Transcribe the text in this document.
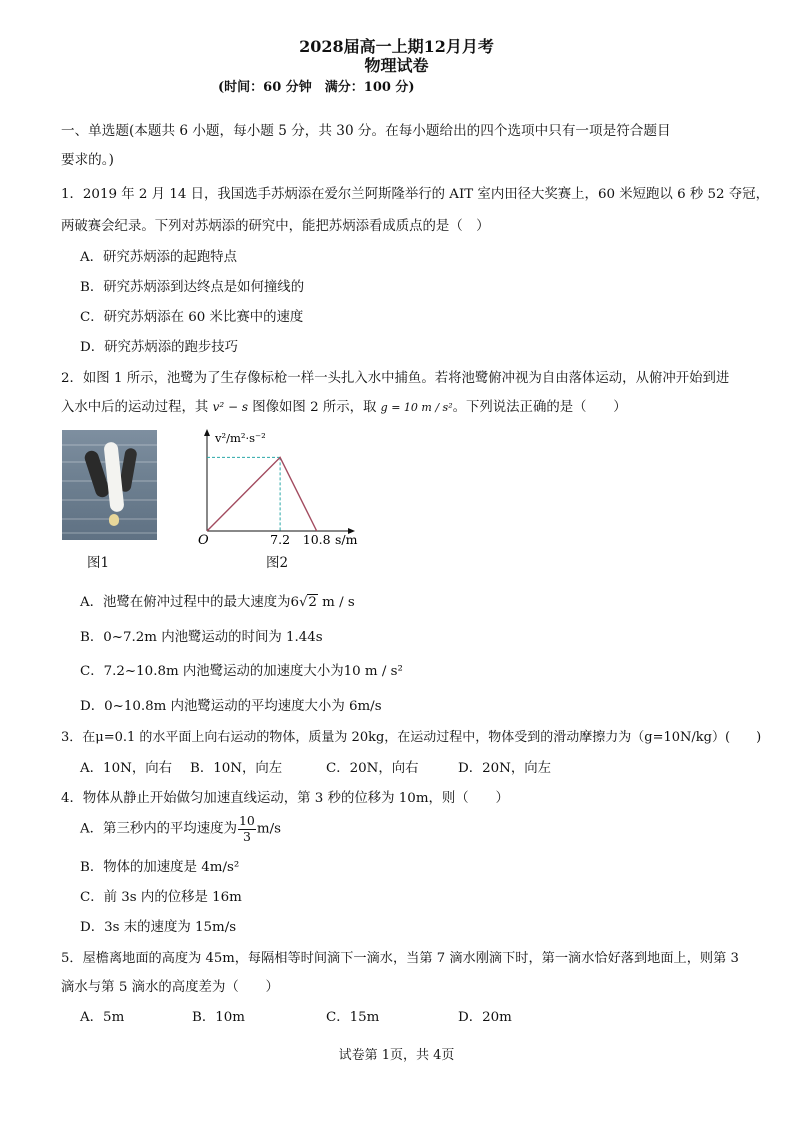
2028届高一上期12月月考
物理试卷
(时间：60 分钟　满分：100 分)
一、单选题(本题共 6 小题，每小题 5 分，共 30 分。在每小题给出的四个选项中只有一项是符合题目
要求的。)
1．2019 年 2 月 14 日，我国选手苏炳添在爱尔兰阿斯隆举行的 AIT 室内田径大奖赛上，60 米短跑以 6 秒 52 夺冠，
两破赛会纪录。下列对苏炳添的研究中，能把苏炳添看成质点的是（　）
A．研究苏炳添的起跑特点
B．研究苏炳添到达终点是如何撞线的
C．研究苏炳添在 60 米比赛中的速度
D．研究苏炳添的跑步技巧
2．如图 1 所示，池鹭为了生存像标枪一样一头扎入水中捕鱼。若将池鹭俯冲视为自由落体运动，从俯冲开始到进
入水中后的运动过程，其 v² − s 图像如图 2 所示，取 g = 10 m / s²。下列说法正确的是（　　）
图1
v²/m²·s⁻²
O	7.2 10.8 s/m
图2
A．池鹭在俯冲过程中的最大速度为6√2 m / s
B．0~7.2m 内池鹭运动的时间为 1.44s
C．7.2~10.8m 内池鹭运动的加速度大小为10 m / s²
D．0~10.8m 内池鹭运动的平均速度大小为 6m/s
3．在μ=0.1 的水平面上向右运动的物体，质量为 20kg，在运动过程中，物体受到的滑动摩擦力为（g=10N/kg）(　　)
A．10N，向右 B．10N，向左	C．20N，向右	D．20N，向左
4．物体从静止开始做匀加速直线运动，第 3 秒的位移为 10m，则（　　）
A．第三秒内的平均速度为 $\frac{10}{3} m/s$
B．物体的加速度是 4m/s²
C．前 3s 内的位移是 16m
D．3s 末的速度为 15m/s
5．屋檐离地面的高度为 45m，每隔相等时间滴下一滴水，当第 7 滴水刚滴下时，第一滴水恰好落到地面上，则第 3
滴水与第 5 滴水的高度差为（　　）
A．5m	B．10m	C．15m	D．20m
试卷第 1页，共 4页
